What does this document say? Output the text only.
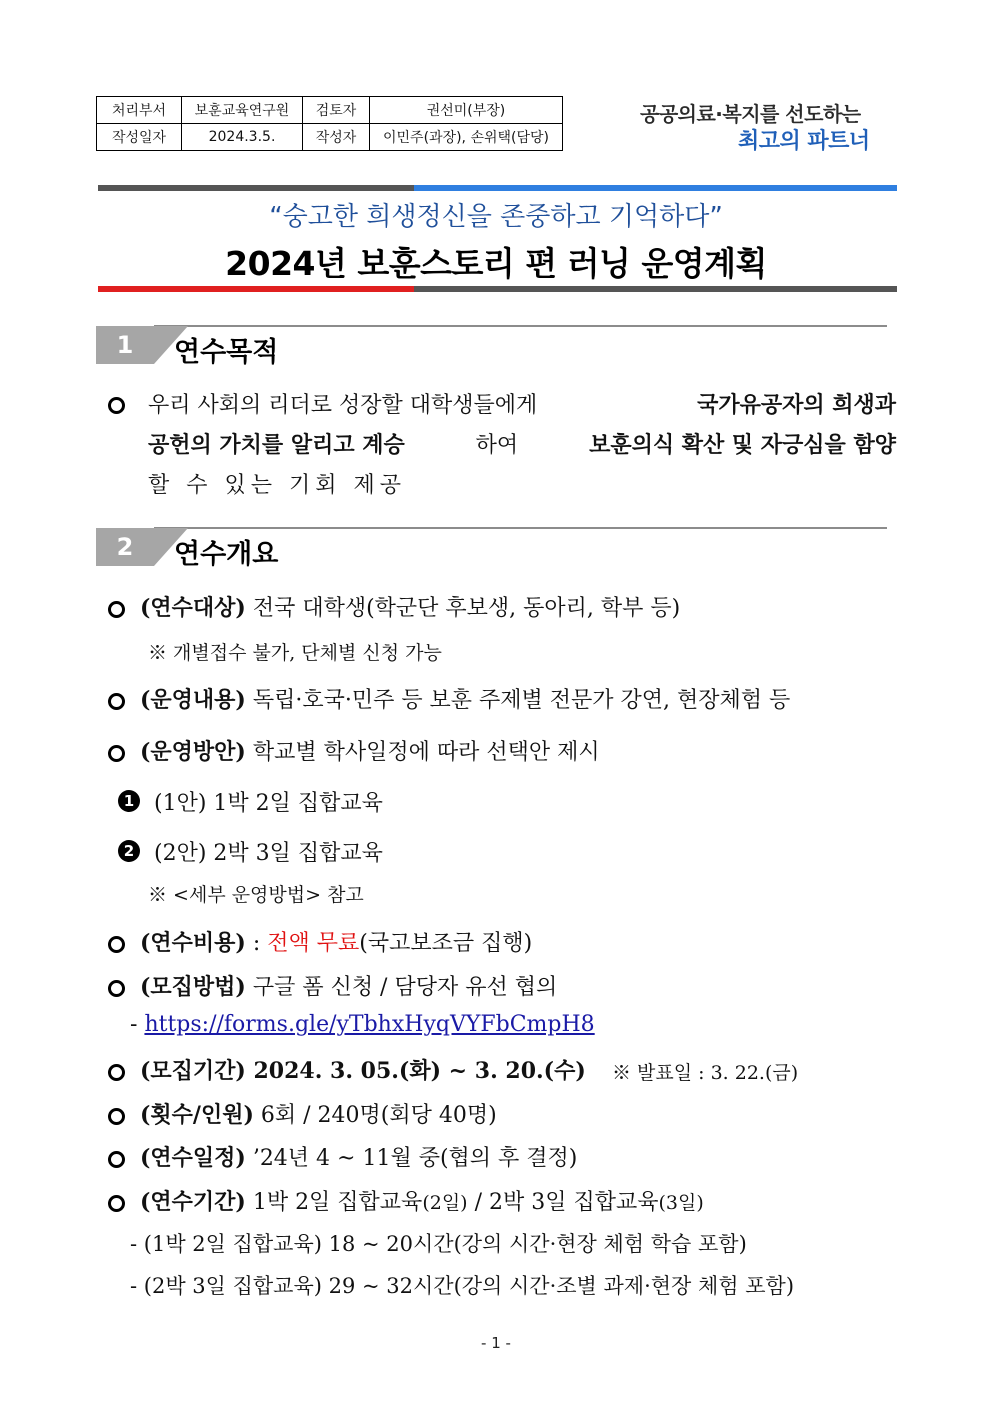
처리부서	보훈교육연구원	검토자	권선미(부장)
작성일자	2024.3.5.	작성자	이민주(과장), 손위택(담당)
공공의료·복지를 선도하는
최고의 파트너
“숭고한 희생정신을 존중하고 기억하다”
2024년 보훈스토리 편 러닝 운영계획
1	연수목적
우리 사회의 리더로 성장할 대학생들에게	국가유공자의 희생과
공헌의 가치를 알리고 계승	하여	보훈의식 확산 및 자긍심을 함양
할 수 있는 기회 제공
2	연수개요
(연수대상) 전국 대학생(학군단 후보생, 동아리, 학부 등)
※ 개별접수 불가, 단체별 신청 가능
(운영내용) 독립·호국·민주 등 보훈 주제별 전문가 강연, 현장체험 등
(운영방안) 학교별 학사일정에 따라 선택안 제시
1 (1안) 1박 2일 집합교육
2 (2안) 2박 3일 집합교육
※ <세부 운영방법> 참고
(연수비용) : 전액 무료(국고보조금 집행)
(모집방법) 구글 폼 신청 / 담당자 유선 협의
- https://forms.gle/yTbhxHyqVYFbCmpH8
(모집기간) 2024. 3. 05.(화) ~ 3. 20.(수) ※ 발표일 : 3. 22.(금)
(횟수/인원) 6회 / 240명(회당 40명)
(연수일정) ’24년 4 ~ 11월 중(협의 후 결정)
(연수기간) 1박 2일 집합교육(2일) / 2박 3일 집합교육(3일)
- (1박 2일 집합교육) 18 ~ 20시간(강의 시간·현장 체험 학습 포함)
- (2박 3일 집합교육) 29 ~ 32시간(강의 시간·조별 과제·현장 체험 포함)
- 1 -
